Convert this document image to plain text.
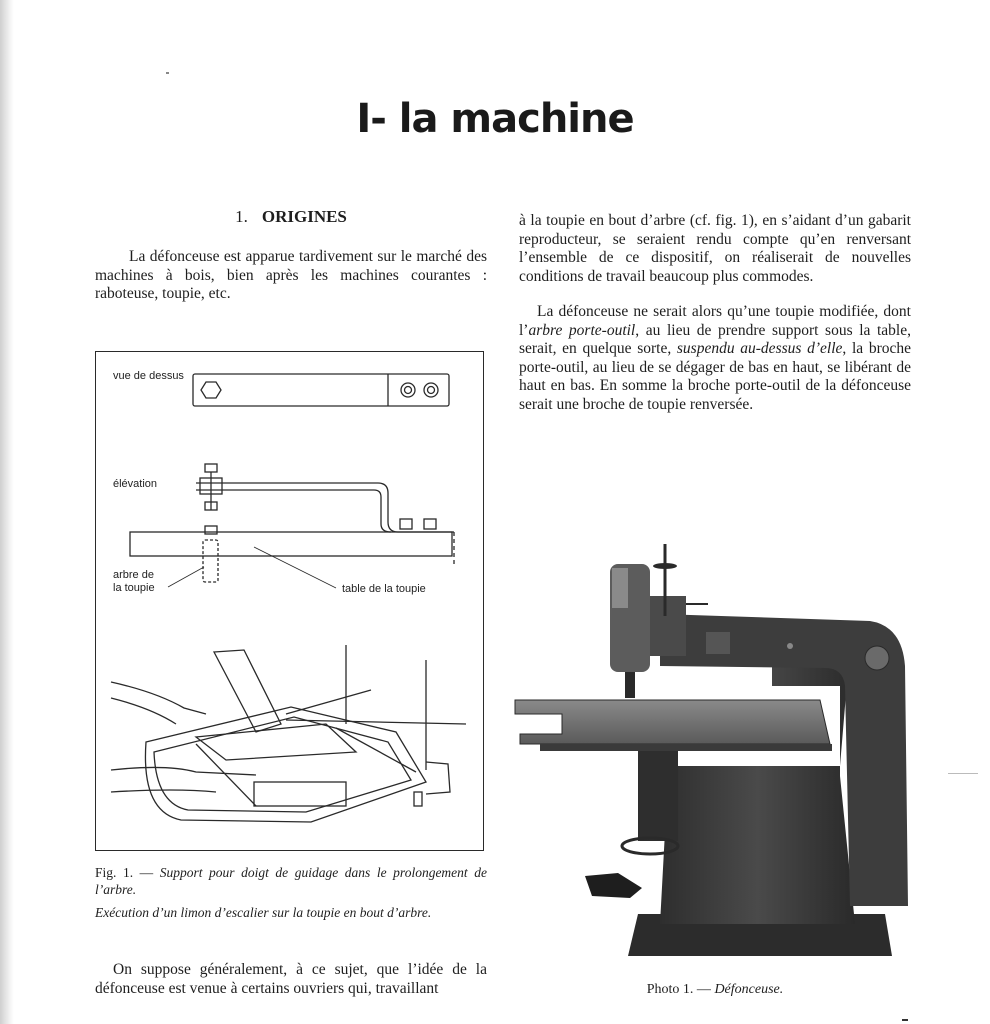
I- la machine
1. ORIGINES

La défonceuse est apparue tardivement sur le marché des machines à bois, bien après les machines courantes : raboteuse, toupie, etc.

à la toupie en bout d’arbre (cf. fig. 1), en s’aidant d’un gabarit reproducteur, se seraient rendu compte qu’en renversant l’ensemble de ce dispositif, on réaliserait de nouvelles conditions de travail beaucoup plus commodes.

La défonceuse ne serait alors qu’une toupie modifiée, dont l’arbre porte-outil, au lieu de prendre support sous la table, serait, en quelque sorte, suspendu au-dessus d’elle, la broche porte-outil, au lieu de se dégager de bas en haut, se libérant de haut en bas. En somme la broche porte-outil de la défonceuse serait une broche de toupie renversée.

On suppose généralement, à ce sujet, que l’idée de la défonceuse est venue à certains ouvriers qui, travaillant

vue de dessus
élévation
arbre de
la toupie	table de la toupie

Fig. 1. — Support pour doigt de guidage dans le prolongement de l’arbre.

Exécution d’un limon d’escalier sur la toupie en bout d’arbre.

Photo 1. — Défonceuse.
